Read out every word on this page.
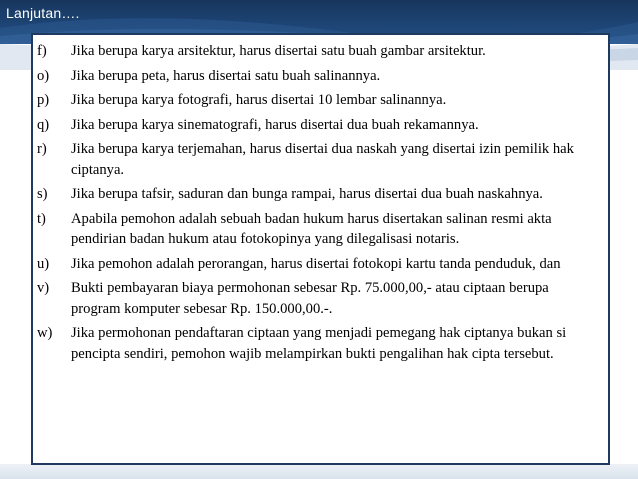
Lanjutan….
f)	Jika berupa karya arsitektur, harus disertai satu buah gambar arsitektur.
o)	Jika berupa peta, harus disertai satu buah salinannya.
p)	Jika berupa karya fotografi, harus disertai 10 lembar salinannya.
q)	Jika berupa karya sinematografi, harus disertai dua buah rekamannya.
r)	Jika berupa karya terjemahan, harus disertai dua naskah yang disertai izin pemilik hak ciptanya.
s)	Jika berupa tafsir, saduran dan bunga rampai, harus disertai dua buah naskahnya.
t)	Apabila pemohon adalah sebuah badan hukum harus disertakan salinan resmi akta pendirian badan hukum atau fotokopinya yang dilegalisasi notaris.
u)	Jika pemohon adalah perorangan, harus disertai fotokopi kartu tanda penduduk, dan
v)	Bukti pembayaran biaya permohonan sebesar Rp. 75.000,00,- atau ciptaan berupa program komputer sebesar Rp. 150.000,00.-.
w)	Jika permohonan pendaftaran ciptaan yang menjadi pemegang hak ciptanya bukan si pencipta sendiri, pemohon wajib melampirkan bukti pengalihan hak cipta tersebut.
